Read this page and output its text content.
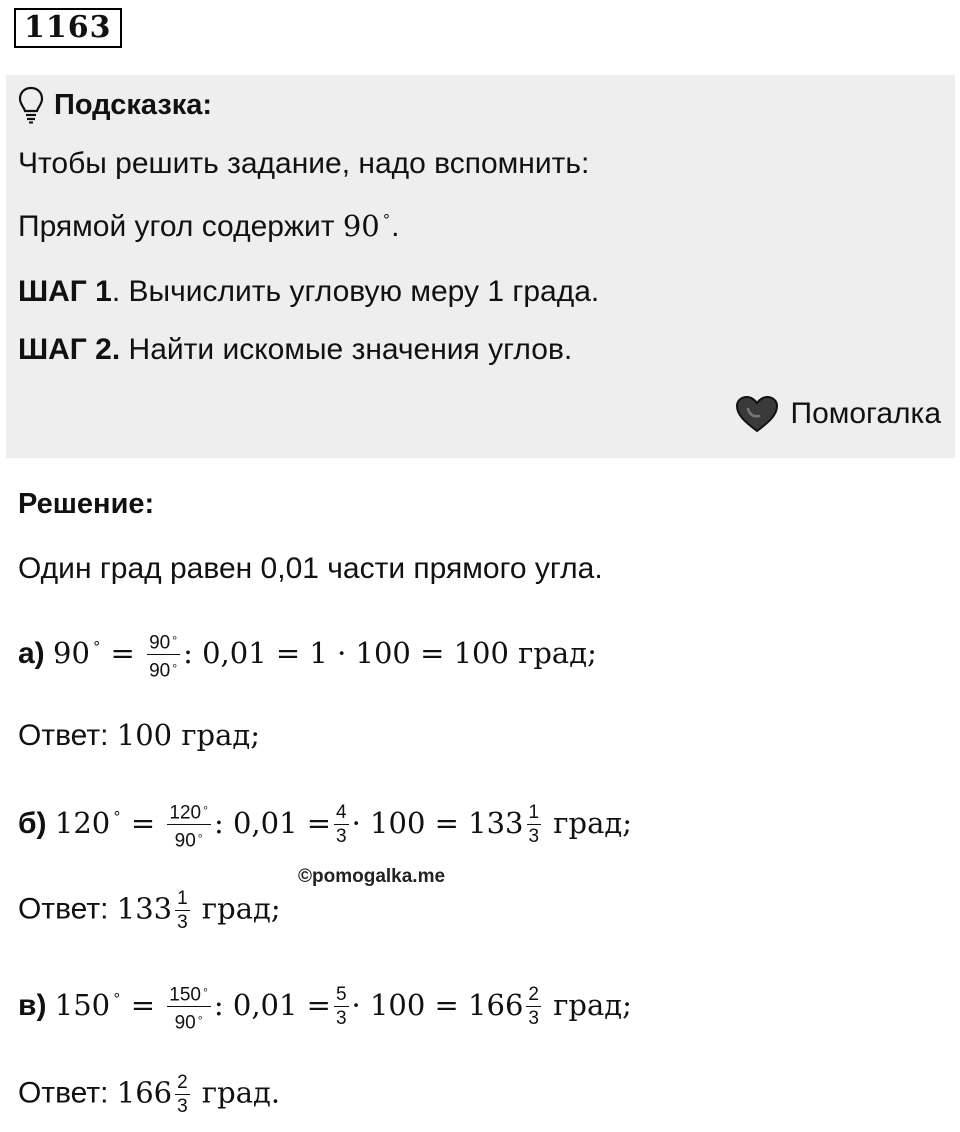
1163
Подсказка:
Чтобы решить задание, надо вспомнить:
Прямой угол содержит 90 ∘.
ШАГ 1. Вычислить угловую меру 1 града.
ШАГ 2. Найти искомые значения углов.
Помогалка
Решение:
Один град равен 0,01 части прямого угла.
а) 90 $^\circ = \frac{90^\circ}{90^\circ}$ : 0,01 = 1 · 100 = 100 град;
Ответ: 100 град;
б) 120 $^\circ = \frac{120^\circ}{90^\circ}$ : $0,01 = \frac{4}{3} \cdot 100 = 133 \frac{1}{3}$ град;
©pomogalka.me
Ответ: $133 \frac{1}{3}$ град;
в) 150 $^\circ = \frac{150^\circ}{90^\circ}$ : $0,01 = \frac{5}{3} \cdot 100 = 166 \frac{2}{3}$ град;
Ответ: $166 \frac{2}{3}$ град.
